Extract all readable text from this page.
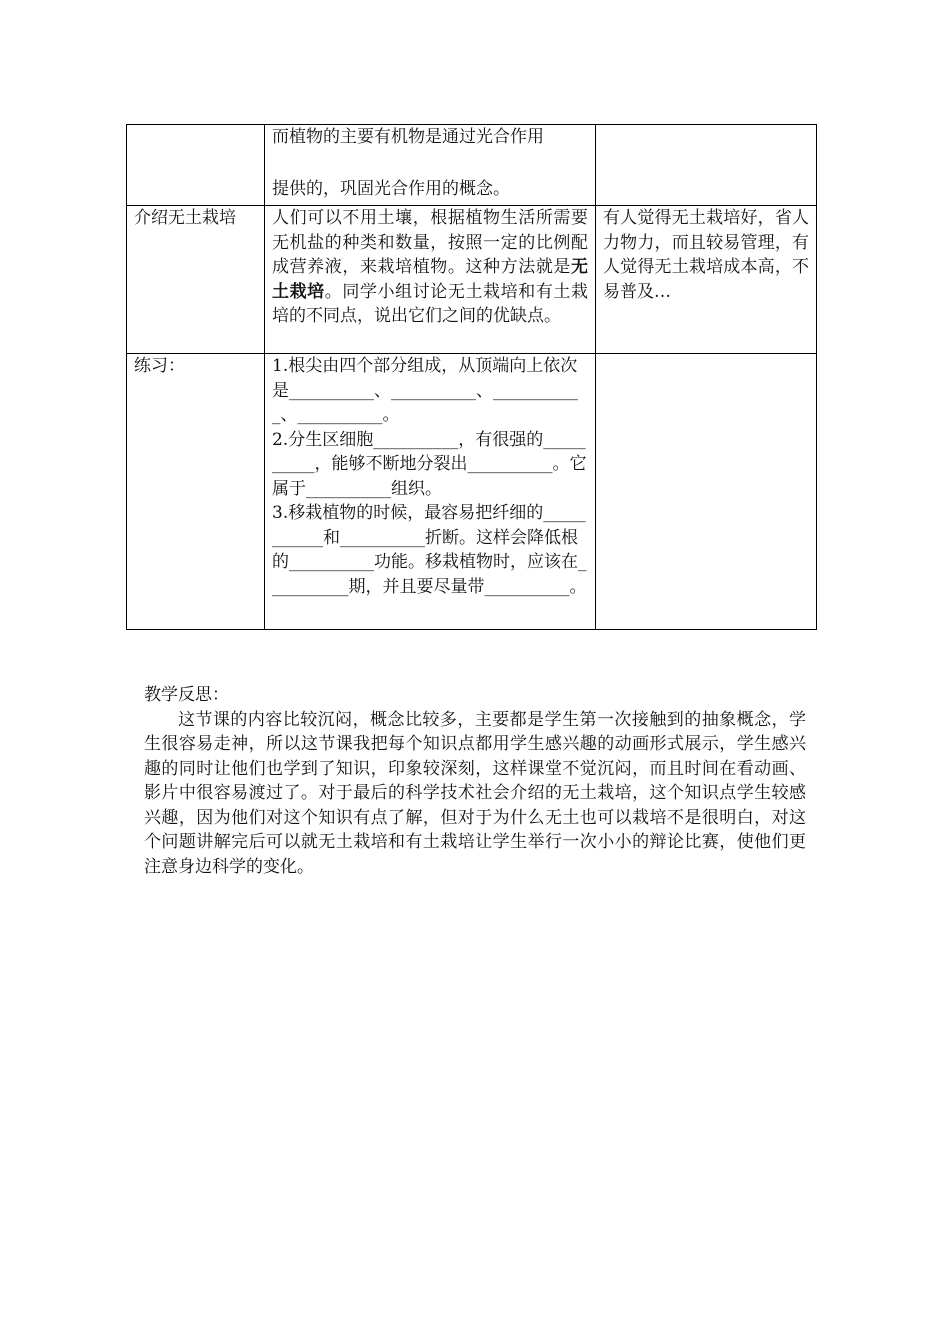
	而植物的主要有机物是通过光合作用
提供的，巩固光合作用的概念。	

介绍无土栽培	人们可以不用土壤，根据植物生活所需要无机盐的种类和数量，按照一定的比例配成营养液，来栽培植物。这种方法就是无土栽培。同学小组讨论无土栽培和有土栽培的不同点，说出它们之间的优缺点。	有人觉得无土栽培好，省人力物力，而且较易管理，有人觉得无土栽培成本高，不易普及…
练习：	1.根尖由四个部分组成，从顶端向上依次是__________、__________、___________、__________。
2.分生区细胞__________，有很强的__________，能够不断地分裂出__________。它属于__________组织。
3.移栽植物的时候，最容易把纤细的___________和__________折断。这样会降低根的__________功能。移栽植物时，应该在__________期，并且要尽量带__________。	

教学反思：
这节课的内容比较沉闷，概念比较多，主要都是学生第一次接触到的抽象概念，学生很容易走神，所以这节课我把每个知识点都用学生感兴趣的动画形式展示，学生感兴趣的同时让他们也学到了知识，印象较深刻，这样课堂不觉沉闷，而且时间在看动画、影片中很容易渡过了。对于最后的科学技术社会介绍的无土栽培，这个知识点学生较感兴趣，因为他们对这个知识有点了解，但对于为什么无土也可以栽培不是很明白，对这个问题讲解完后可以就无土栽培和有土栽培让学生举行一次小小的辩论比赛，使他们更注意身边科学的变化。
